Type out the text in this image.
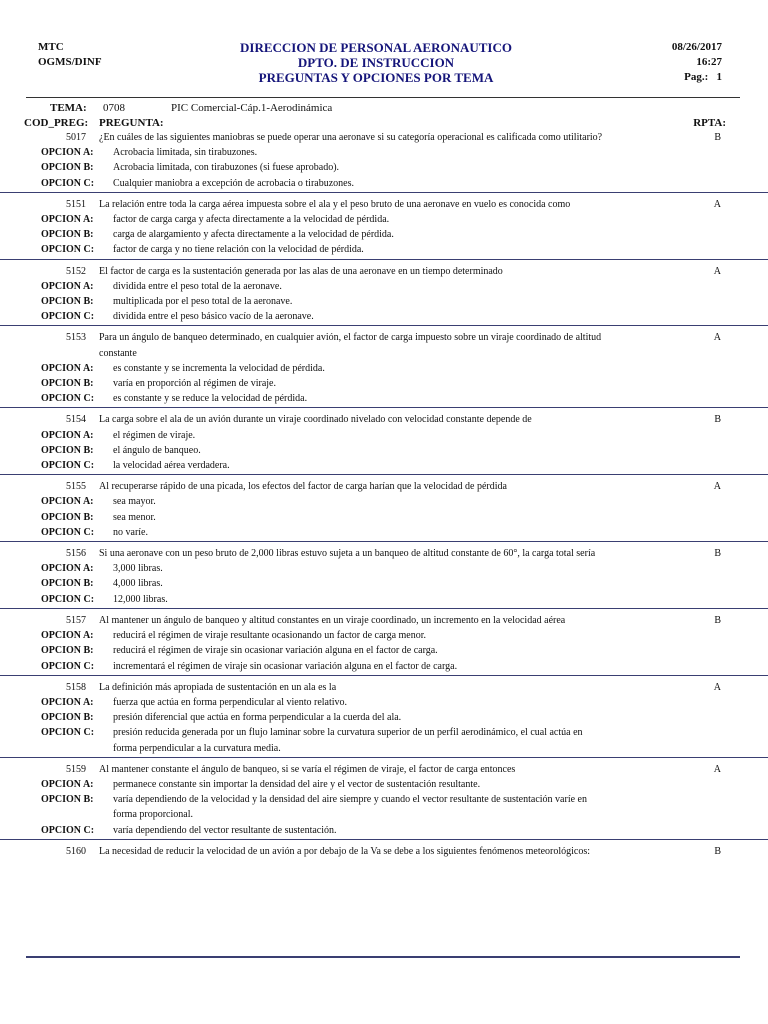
MTC
OGMS/DINF
DIRECCION DE PERSONAL AERONAUTICO
DPTO. DE INSTRUCCION
PREGUNTAS Y OPCIONES POR TEMA
08/26/2017
16:27
Pag.: 1
TEMA: 0708	PIC Comercial-Cáp.1-Aerodinámica
COD_PREG: PREGUNTA:	RPTA:
5017	¿En cuáles de las siguientes maniobras se puede operar una aeronave si su categoría operacional es calificada como utilitario?	B
OPCION A: Acrobacia limitada, sin tirabuzones.
OPCION B: Acrobacia limitada, con tirabuzones (si fuese aprobado).
OPCION C: Cualquier maniobra a excepción de acrobacia o tirabuzones.
5151	La relación entre toda la carga aérea impuesta sobre el ala y el peso bruto de una aeronave en vuelo es conocida como	A
OPCION A: factor de carga carga y afecta directamente a la velocidad de pérdida.
OPCION B: carga de alargamiento y afecta directamente a la velocidad de pérdida.
OPCION C: factor de carga y no tiene relación con la velocidad de pérdida.
5152	El factor de carga es la sustentación generada por las alas de una aeronave en un tiempo determinado	A
OPCION A: dividida entre el peso total de la aeronave.
OPCION B: multiplicada por el peso total de la aeronave.
OPCION C: dividida entre el peso básico vacío de la aeronave.
5153	Para un ángulo de banqueo determinado, en cualquier avión, el factor de carga impuesto sobre un viraje coordinado de altitud constante
A
OPCION A: es constante y se incrementa la velocidad de pérdida.
OPCION B: varía en proporción al régimen de viraje.
OPCION C: es constante y se reduce la velocidad de pérdida.
5154	La carga sobre el ala de un avión durante un viraje coordinado nivelado con velocidad constante depende de	B
OPCION A: el régimen de viraje.
OPCION B: el ángulo de banqueo.
OPCION C: la velocidad aérea verdadera.
5155	Al recuperarse rápido de una picada, los efectos del factor de carga harían que la velocidad de pérdida	A
OPCION A: sea mayor.
OPCION B: sea menor.
OPCION C: no varíe.
5156	Si una aeronave con un peso bruto de 2,000 libras estuvo sujeta a un banqueo de altitud constante de 60°, la carga total sería	B
OPCION A: 3,000 libras.
OPCION B: 4,000 libras.
OPCION C: 12,000 libras.
5157	Al mantener un ángulo de banqueo y altitud constantes en un viraje coordinado, un incremento en la velocidad aérea	B
OPCION A: reducirá el régimen de viraje resultante ocasionando un factor de carga menor.
OPCION B: reducirá el régimen de viraje sin ocasionar variación alguna en el factor de carga.
OPCION C: incrementará el régimen de viraje sin ocasionar variación alguna en el factor de carga.
5158	La definición más apropiada de sustentación en un ala es la	A
OPCION A: fuerza que actúa en forma perpendicular al viento relativo.
OPCION B: presión diferencial que actúa en forma perpendicular a la cuerda del ala.
OPCION C: presión reducida generada por un flujo laminar sobre la curvatura superior de un perfil aerodinámico, el cual actúa en forma perpendicular a la curvatura media.
5159	Al mantener constante el ángulo de banqueo, si se varía el régimen de viraje, el factor de carga entonces	A
OPCION A: permanece constante sin importar la densidad del aire y el vector de sustentación resultante.
OPCION B: varía dependiendo de la velocidad y la densidad del aire siempre y cuando el vector resultante de sustentación varíe en forma proporcional.
OPCION C: varía dependiendo del vector resultante de sustentación.
5160	La necesidad de reducir la velocidad de un avión a por debajo de la Va se debe a los siguientes fenómenos meteorológicos:	B
